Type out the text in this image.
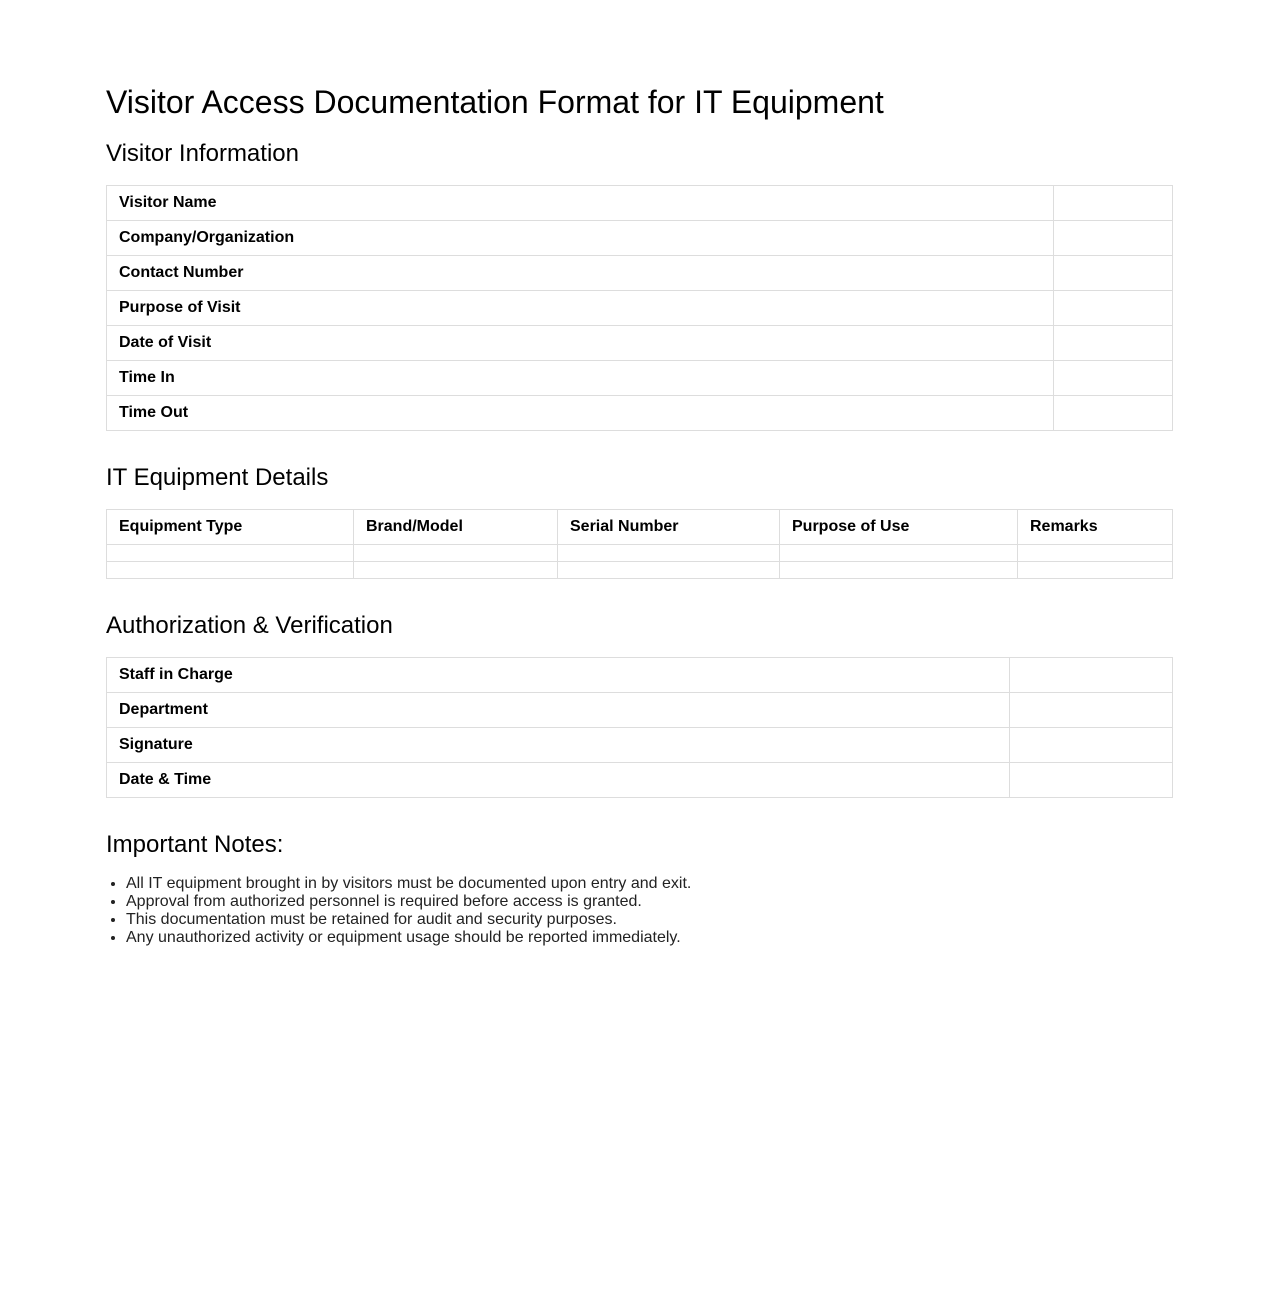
Visitor Access Documentation Format for IT Equipment
Visitor Information
Visitor Name	
Company/Organization	
Contact Number	
Purpose of Visit	
Date of Visit	
Time In	
Time Out	
IT Equipment Details
Equipment Type	Brand/Model	Serial Number	Purpose of Use	Remarks

Authorization & Verification
Staff in Charge	
Department	
Signature	
Date & Time	
Important Notes:
• All IT equipment brought in by visitors must be documented upon entry and exit.
• Approval from authorized personnel is required before access is granted.
• This documentation must be retained for audit and security purposes.
• Any unauthorized activity or equipment usage should be reported immediately.
